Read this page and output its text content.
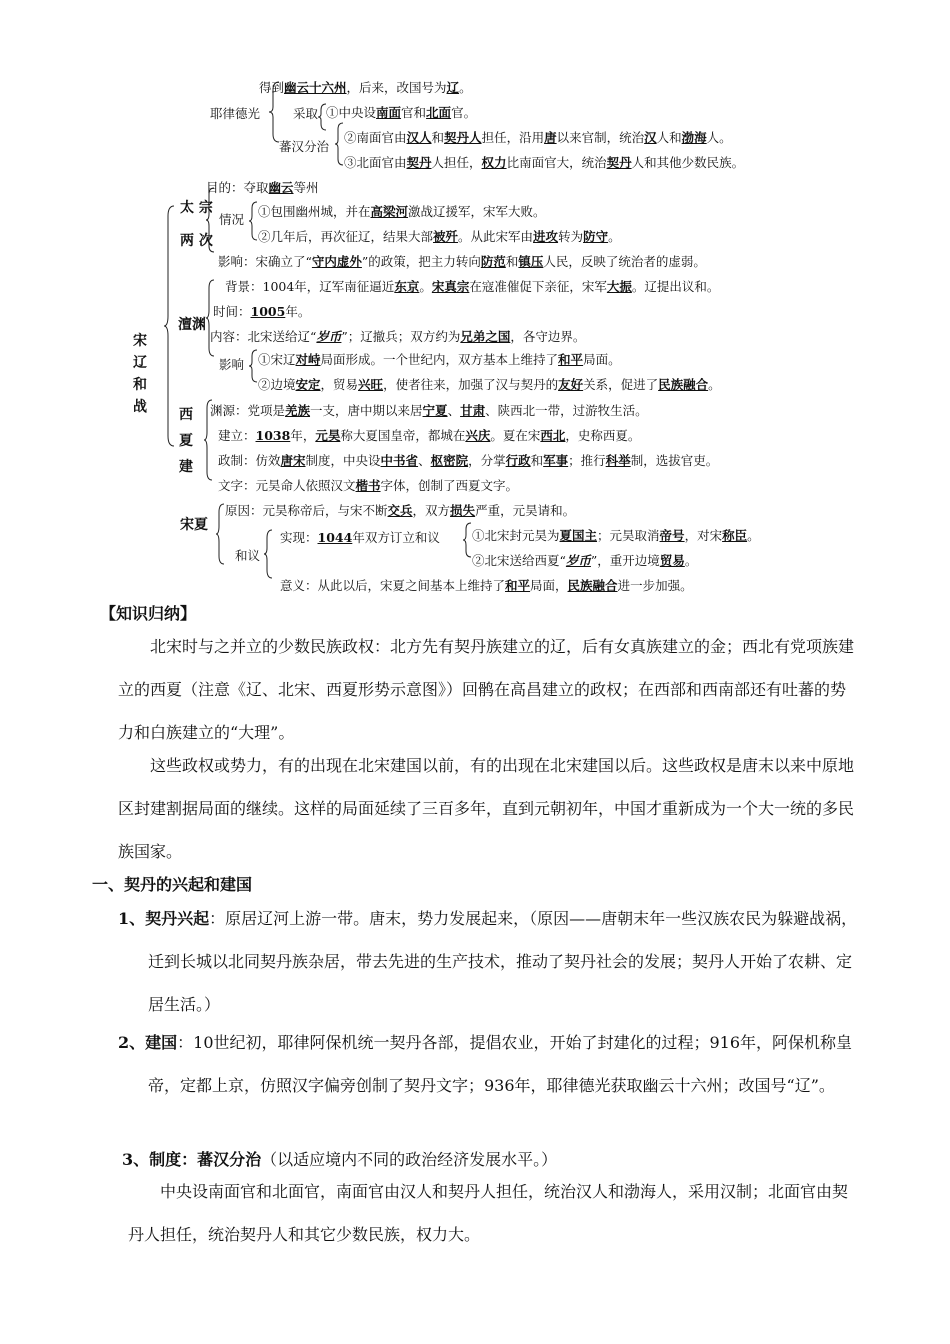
得到幽云十六州，后来，改国号为辽。
耶律德光	采取 ①中央设南面官和北面官。
蕃汉分治
②南面官由汉人和契丹人担任，沿用唐以来官制，统治汉人和渤海人。
③北面官由契丹人担任，权力比南面官大，统治契丹人和其他少数民族。
宋
辽
和
战
太 宗
两 次
澶渊
西
夏
建
宋夏
目的：夺取幽云等州
情况
①包围幽州城，并在高梁河激战辽援军，宋军大败。
②几年后，再次征辽，结果大部被歼。从此宋军由进攻转为防守。
影响：宋确立了“守内虚外”的政策，把主力转向防范和镇压人民，反映了统治者的虚弱。
背景：1004年，辽军南征逼近东京。宋真宗在寇准催促下亲征，宋军大振。辽提出议和。
时间：1005年。
内容：北宋送给辽“岁币”；辽撤兵；双方约为兄弟之国，各守边界。
影响 ①宋辽对峙局面形成。一个世纪内，双方基本上维持了和平局面。
②边境安定，贸易兴旺，使者往来，加强了汉与契丹的友好关系，促进了民族融合。
渊源：党项是羌族一支，唐中期以来居宁夏、甘肃、陕西北一带，过游牧生活。
建立：1038年，元昊称大夏国皇帝，都城在兴庆。夏在宋西北，史称西夏。
政制：仿效唐宋制度，中央设中书省、枢密院，分掌行政和军事；推行科举制，选拔官吏。
文字：元昊命人依照汉文楷书字体，创制了西夏文字。
原因：元昊称帝后，与宋不断交兵，双方损失严重，元昊请和。
和议
实现：1044年双方订立和议	①北宋封元昊为夏国主；元昊取消帝号，对宋称臣。
②北宋送给西夏“岁币”，重开边境贸易。
意义：从此以后，宋夏之间基本上维持了和平局面，民族融合进一步加强。
【知识归纳】
北宋时与之并立的少数民族政权：北方先有契丹族建立的辽，后有女真族建立的金；西北有党项族建立的西夏（注意《辽、北宋、西夏形势示意图》）回鹘在高昌建立的政权；在西部和西南部还有吐蕃的势力和白族建立的“大理”。
这些政权或势力，有的出现在北宋建国以前，有的出现在北宋建国以后。这些政权是唐末以来中原地区封建割据局面的继续。这样的局面延续了三百多年，直到元朝初年，中国才重新成为一个大一统的多民族国家。
一、契丹的兴起和建国
1、契丹兴起：原居辽河上游一带。唐末，势力发展起来，（原因——唐朝末年一些汉族农民为躲避战祸，迁到长城以北同契丹族杂居，带去先进的生产技术，推动了契丹社会的发展；契丹人开始了农耕、定居生活。）
2、建国：10世纪初，耶律阿保机统一契丹各部，提倡农业，开始了封建化的过程；916年，阿保机称皇帝，定都上京，仿照汉字偏旁创制了契丹文字；936年，耶律德光获取幽云十六州；改国号“辽”。
3、制度：蕃汉分治（以适应境内不同的政治经济发展水平。）
中央设南面官和北面官，南面官由汉人和契丹人担任，统治汉人和渤海人，采用汉制；北面官由契丹人担任，统治契丹人和其它少数民族，权力大。
